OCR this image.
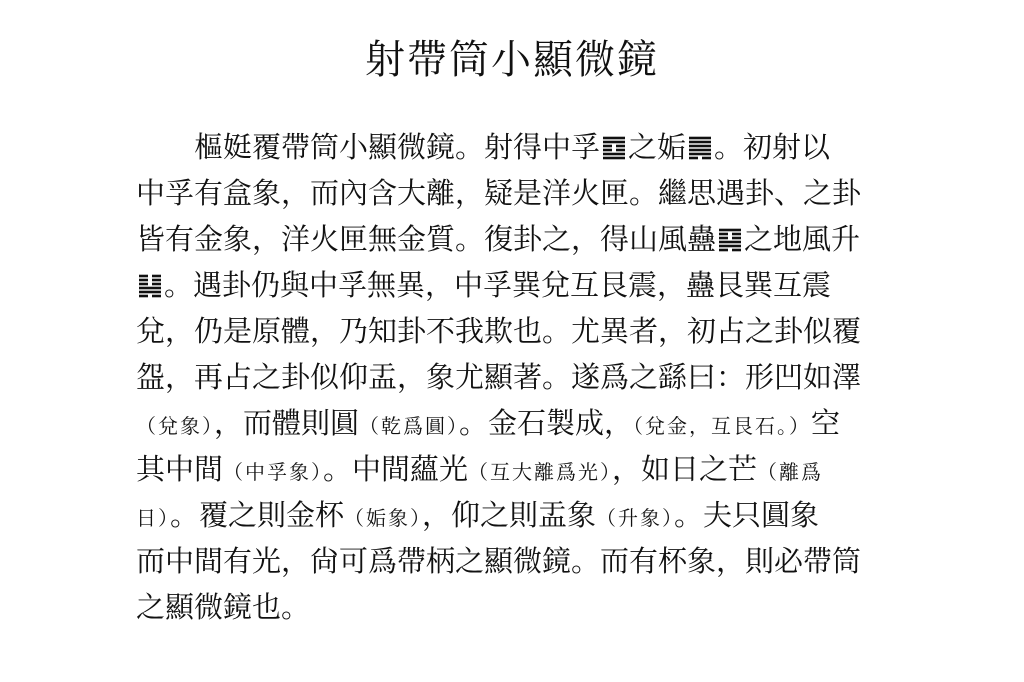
射帶筒小顯微鏡
樞娗覆帶筒小顯微鏡。射得中孚 之姤 。初射以
中孚有盒象，而內含大離，疑是洋火匣。繼思遇卦、之卦
皆有金象，洋火匣無金質。復卦之，得山風蠱 之地風升
。遇卦仍與中孚無異，中孚巽兌互艮震，蠱艮巽互震
兌，仍是原體，乃知卦不我欺也。尤異者，初占之卦似覆
盌，再占之卦似仰盂，象尤顯著。遂爲之繇曰：形凹如澤
（兌象），而體則圓（乾爲圓）。金石製成，（兌金，互艮石。）空
其中間（中孚象）。中間蘊光（互大離爲光），如日之芒（離爲
日）。覆之則金杯（姤象），仰之則盂象（升象）。夫只圓象
而中間有光，尙可爲帶柄之顯微鏡。而有杯象，則必帶筒
之顯微鏡也。
